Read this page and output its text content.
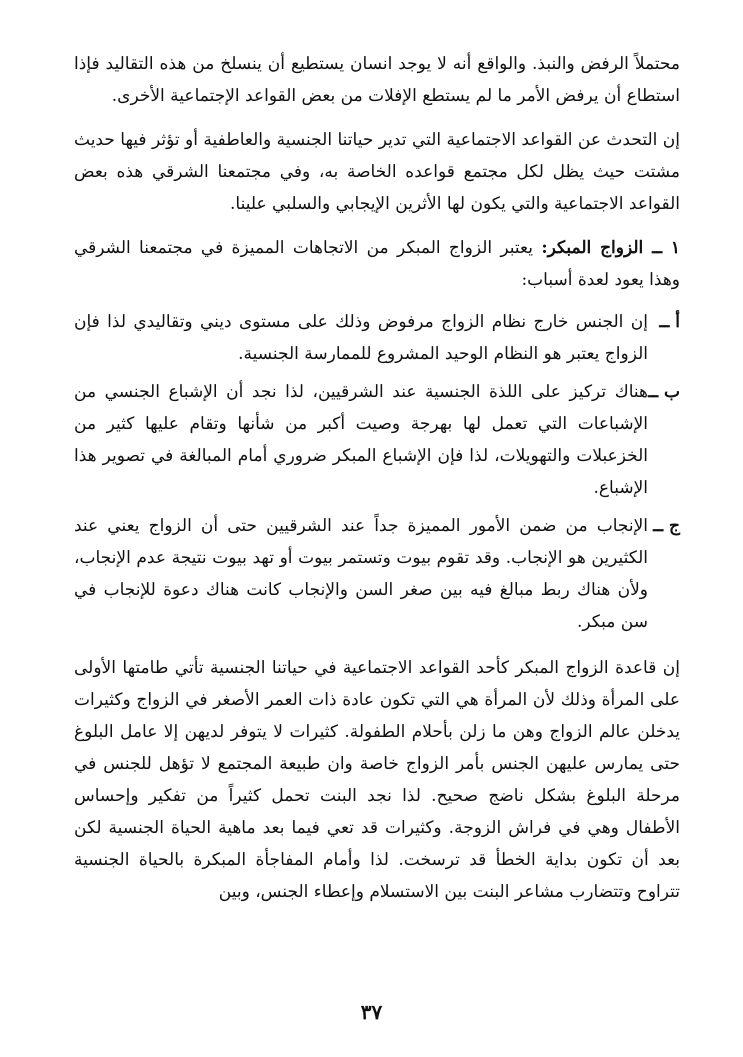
محتملاً الرفض والنبذ. والواقع أنه لا يوجد انسان يستطيع أن ينسلخ من هذه التقاليد فإذا استطاع أن يرفض الأمر ما لم يستطع الإفلات من بعض القواعد الإجتماعية الأخرى.

إن التحدث عن القواعد الاجتماعية التي تدير حياتنا الجنسية والعاطفية أو تؤثر فيها حديث مشتت حيث يظل لكل مجتمع قواعده الخاصة به، وفي مجتمعنا الشرقي هذه بعض القواعد الاجتماعية والتي يكون لها الأثرين الإيجابي والسلبي علينا.

١ ــ الزواج المبكر: يعتبر الزواج المبكر من الاتجاهات المميزة في مجتمعنا الشرقي وهذا يعود لعدة أسباب:

أ ــ
إن الجنس خارج نظام الزواج مرفوض وذلك على مستوى ديني وتقاليدي لذا فإن الزواج يعتبر هو النظام الوحيد المشروع للممارسة الجنسية.
ب ــ
هناك تركيز على اللذة الجنسية عند الشرقيين، لذا نجد أن الإشباع الجنسي من الإشباعات التي تعمل لها بهرجة وصيت أكبر من شأنها وتقام عليها كثير من الخزعبلات والتهويلات، لذا فإن الإشباع المبكر ضروري أمام المبالغة في تصوير هذا الإشباع.
ج ــ
الإنجاب من ضمن الأمور المميزة جداً عند الشرقيين حتى أن الزواج يعني عند الكثيرين هو الإنجاب. وقد تقوم بيوت وتستمر بيوت أو تهد بيوت نتيجة عدم الإنجاب، ولأن هناك ربط مبالغ فيه بين صغر السن والإنجاب كانت هناك دعوة للإنجاب في سن مبكر.

إن قاعدة الزواج المبكر كأحد القواعد الاجتماعية في حياتنا الجنسية تأتي طامتها الأولى على المرأة وذلك لأن المرأة هي التي تكون عادة ذات العمر الأصغر في الزواج وكثيرات يدخلن عالم الزواج وهن ما زلن بأحلام الطفولة. كثيرات لا يتوفر لديهن إلا عامل البلوغ حتى يمارس عليهن الجنس بأمر الزواج خاصة وان طبيعة المجتمع لا تؤهل للجنس في مرحلة البلوغ بشكل ناضج صحيح. لذا نجد البنت تحمل كثيراً من تفكير وإحساس الأطفال وهي في فراش الزوجة. وكثيرات قد تعي فيما بعد ماهية الحياة الجنسية لكن بعد أن تكون بداية الخطأ قد ترسخت. لذا وأمام المفاجأة المبكرة بالحياة الجنسية تتراوح وتتضارب مشاعر البنت بين الاستسلام وإعطاء الجنس، وبين

٣٧
